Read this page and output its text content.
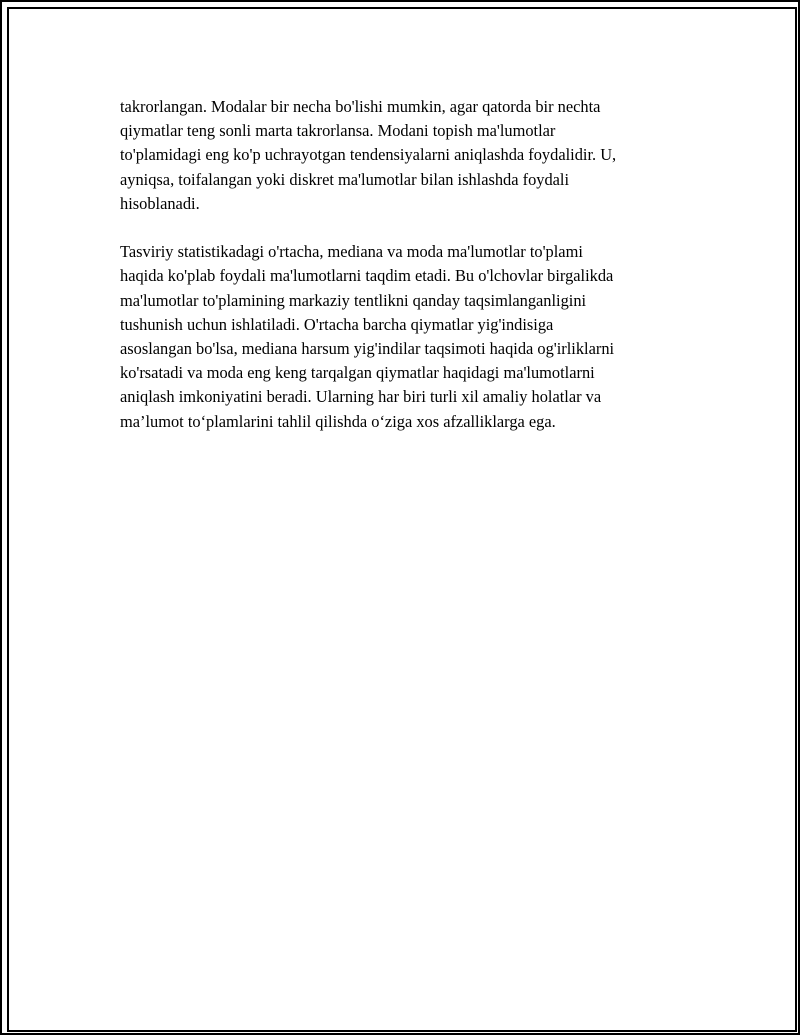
takrorlangan. Modalar bir necha bo'lishi mumkin, agar qatorda bir nechta
qiymatlar teng sonli marta takrorlansa. Modani topish ma'lumotlar
to'plamidagi eng ko'p uchrayotgan tendensiyalarni aniqlashda foydalidir. U,
ayniqsa, toifalangan yoki diskret ma'lumotlar bilan ishlashda foydali
hisoblanadi.

Tasviriy statistikadagi o'rtacha, mediana va moda ma'lumotlar to'plami
haqida ko'plab foydali ma'lumotlarni taqdim etadi. Bu o'lchovlar birgalikda
ma'lumotlar to'plamining markaziy tentlikni qanday taqsimlanganligini
tushunish uchun ishlatiladi. O'rtacha barcha qiymatlar yig'indisiga
asoslangan bo'lsa, mediana harsum yig'indilar taqsimoti haqida og'irliklarni
ko'rsatadi va moda eng keng tarqalgan qiymatlar haqidagi ma'lumotlarni
aniqlash imkoniyatini beradi. Ularning har biri turli xil amaliy holatlar va
ma’lumot to‘plamlarini tahlil qilishda o‘ziga xos afzalliklarga ega.
